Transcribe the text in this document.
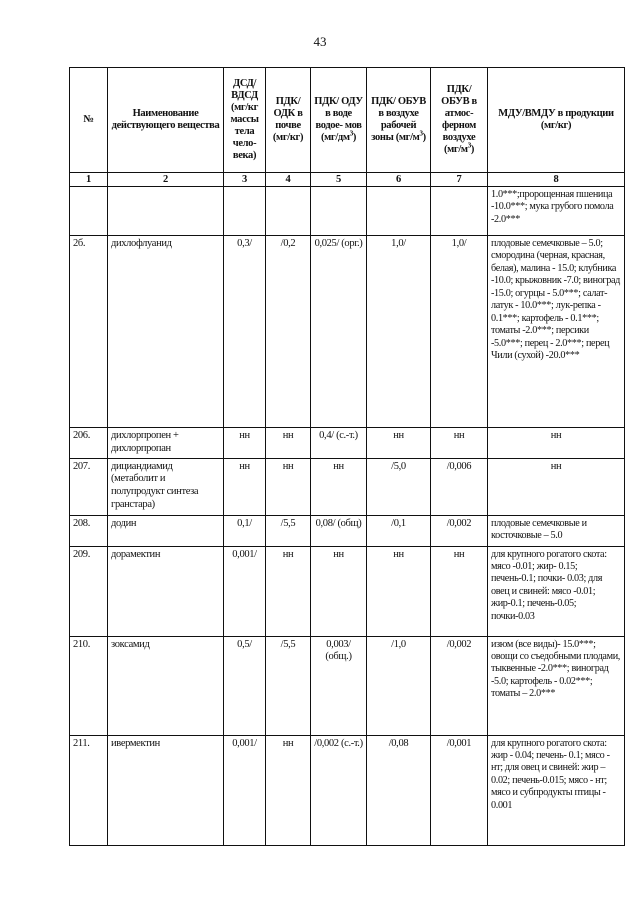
43
№	Наименование действующего вещества	ДСД/ ВДСД (мг/кг массы тела чело- века)	ПДК/ ОДК в почве (мг/кг)	ПДК/ ОДУ в воде водое- мов $(мг/дм^3)$	ПДК/ ОБУВ в воздухе рабочей зоны $(мг/м^3)$	ПДК/ ОБУВ в атмос- ферном воздухе $(мг/м^3)$	МДУ/ВМДУ в продукции (мг/кг)
1	2	3	4	5	6	7	8
							1.0***;пророщенная пшеница -10.0***; мука грубого помола -2.0***
2б.	дихлофлуанид	0,3/	/0,2	0,025/ (орг.)	1,0/	1,0/	плодовые семечковые – 5.0; смородина (черная, красная, белая), малина - 15.0; клубника -10.0; крыжовник -7.0; виноград -15.0; огурцы - 5.0***; салат-латук - 10.0***; лук-репка - 0.1***; картофель - 0.1***; томаты -2.0***; персики -5.0***; перец - 2.0***; перец Чили (сухой) -20.0***
206.	дихлорпропен + дихлорпропан	нн	нн	0,4/ (с.-т.)	нн	нн	нн
207.	дициандиамид (метаболит и полупродукт синтеза гранстара)	нн	нн	нн	/5,0	/0,006	нн
208.	додин	0,1/	/5,5	0,08/ (общ)	/0,1	/0,002	плодовые семечковые и косточковые – 5.0
209.	дорамектин	0,001/	нн	нн	нн	нн	для крупного рогатого скота: мясо -0.01; жир- 0.15; печень-0.1; почки- 0.03; для овец и свиней: мясо -0.01; жир-0.1; печень-0.05; почки-0.03
210.	зоксамид	0,5/	/5,5	0,003/ (общ.)	/1,0	/0,002	изюм (все виды)- 15.0***; овощи со съедобными плодами, тыквенные -2.0***; виноград -5.0; картофель - 0.02***; томаты – 2.0***
211.	ивермектин	0,001/	нн	/0,002 (с.-т.)	/0,08	/0,001	для крупного рогатого скота: жир - 0.04; печень- 0.1; мясо - нт; для овец и свиней: жир – 0.02; печень-0.015; мясо - нт; мясо и субпродукты птицы - 0.001
